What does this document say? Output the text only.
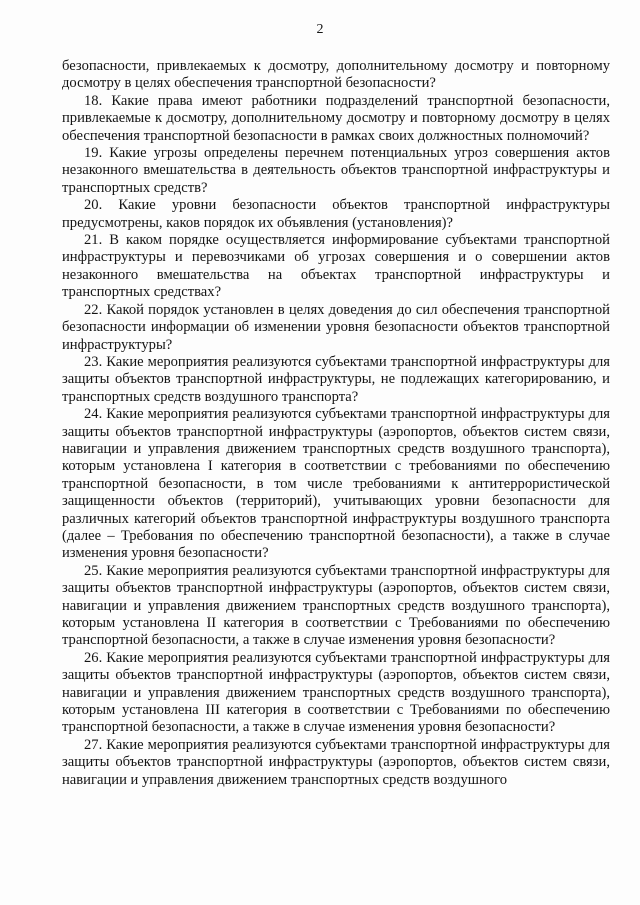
2

безопасности, привлекаемых к досмотру, дополнительному досмотру и повторному досмотру в целях обеспечения транспортной безопасности?

18. Какие права имеют работники подразделений транспортной безопасности, привлекаемые к досмотру, дополнительному досмотру и повторному досмотру в целях обеспечения транспортной безопасности в рамках своих должностных полномочий?

19. Какие угрозы определены перечнем потенциальных угроз совершения актов незаконного вмешательства в деятельность объектов транспортной инфраструктуры и транспортных средств?

20. Какие уровни безопасности объектов транспортной инфраструктуры предусмотрены, каков порядок их объявления (установления)?

21. В каком порядке осуществляется информирование субъектами транспортной инфраструктуры и перевозчиками об угрозах совершения и о совершении актов незаконного вмешательства на объектах транспортной инфраструктуры и транспортных средствах?

22. Какой порядок установлен в целях доведения до сил обеспечения транспортной безопасности информации об изменении уровня безопасности объектов транспортной инфраструктуры?

23. Какие мероприятия реализуются субъектами транспортной инфраструктуры для защиты объектов транспортной инфраструктуры, не подлежащих категорированию, и транспортных средств воздушного транспорта?

24. Какие мероприятия реализуются субъектами транспортной инфраструктуры для защиты объектов транспортной инфраструктуры (аэропортов, объектов систем связи, навигации и управления движением транспортных средств воздушного транспорта), которым установлена I категория в соответствии с требованиями по обеспечению транспортной безопасности, в том числе требованиями к антитеррористической защищенности объектов (территорий), учитывающих уровни безопасности для различных категорий объектов транспортной инфраструктуры воздушного транспорта (далее – Требования по обеспечению транспортной безопасности), а также в случае изменения уровня безопасности?

25. Какие мероприятия реализуются субъектами транспортной инфраструктуры для защиты объектов транспортной инфраструктуры (аэропортов, объектов систем связи, навигации и управления движением транспортных средств воздушного транспорта), которым установлена II категория в соответствии с Требованиями по обеспечению транспортной безопасности, а также в случае изменения уровня безопасности?

26. Какие мероприятия реализуются субъектами транспортной инфраструктуры для защиты объектов транспортной инфраструктуры (аэропортов, объектов систем связи, навигации и управления движением транспортных средств воздушного транспорта), которым установлена III категория в соответствии с Требованиями по обеспечению транспортной безопасности, а также в случае изменения уровня безопасности?

27. Какие мероприятия реализуются субъектами транспортной инфраструктуры для защиты объектов транспортной инфраструктуры (аэропортов, объектов систем связи, навигации и управления движением транспортных средств воздушного
